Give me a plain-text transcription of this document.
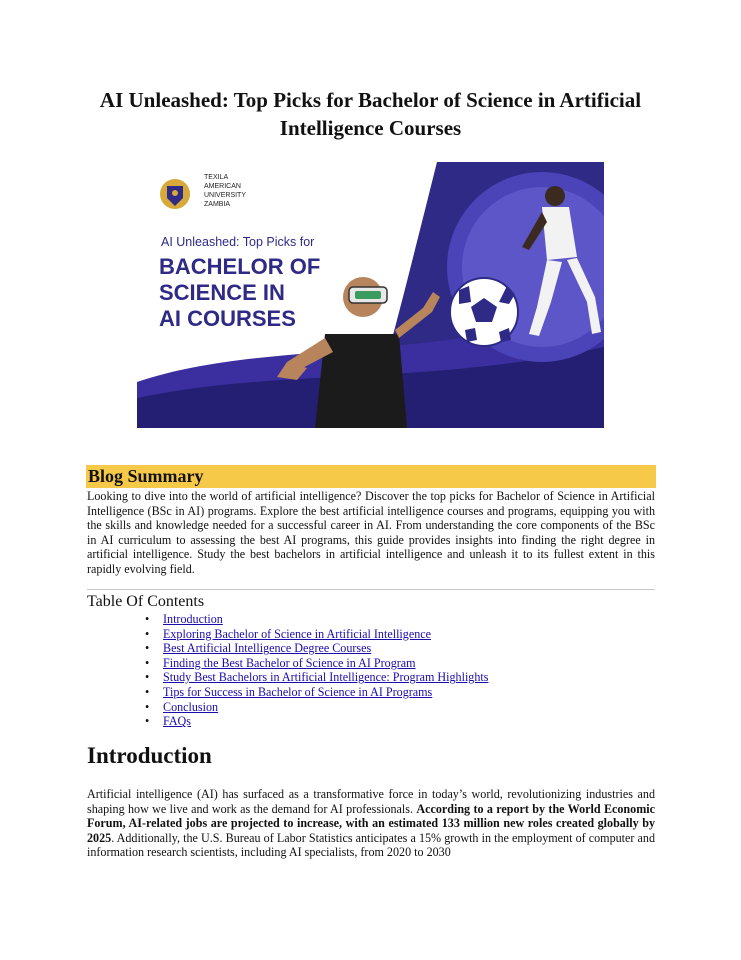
AI Unleashed: Top Picks for Bachelor of Science in Artificial Intelligence Courses
TEXILA
AMERICAN
UNIVERSITY
ZAMBIA
AI Unleashed: Top Picks for
BACHELOR OF
SCIENCE IN
AI COURSES
Blog Summary
Looking to dive into the world of artificial intelligence? Discover the top picks for Bachelor of Science in Artificial Intelligence (BSc in AI) programs. Explore the best artificial intelligence courses and programs, equipping you with the skills and knowledge needed for a successful career in AI. From understanding the core components of the BSc in AI curriculum to assessing the best AI programs, this guide provides insights into finding the right degree in artificial intelligence. Study the best bachelors in artificial intelligence and unleash it to its fullest extent in this rapidly evolving field.
Table Of Contents
• Introduction
• Exploring Bachelor of Science in Artificial Intelligence
• Best Artificial Intelligence Degree Courses
• Finding the Best Bachelor of Science in AI Program
• Study Best Bachelors in Artificial Intelligence: Program Highlights
• Tips for Success in Bachelor of Science in AI Programs
• Conclusion
• FAQs
Introduction
Artificial intelligence (AI) has surfaced as a transformative force in today’s world, revolutionizing industries and shaping how we live and work as the demand for AI professionals. According to a report by the World Economic Forum, AI-related jobs are projected to increase, with an estimated 133 million new roles created globally by 2025. Additionally, the U.S. Bureau of Labor Statistics anticipates a 15% growth in the employment of computer and information research scientists, including AI specialists, from 2020 to 2030
